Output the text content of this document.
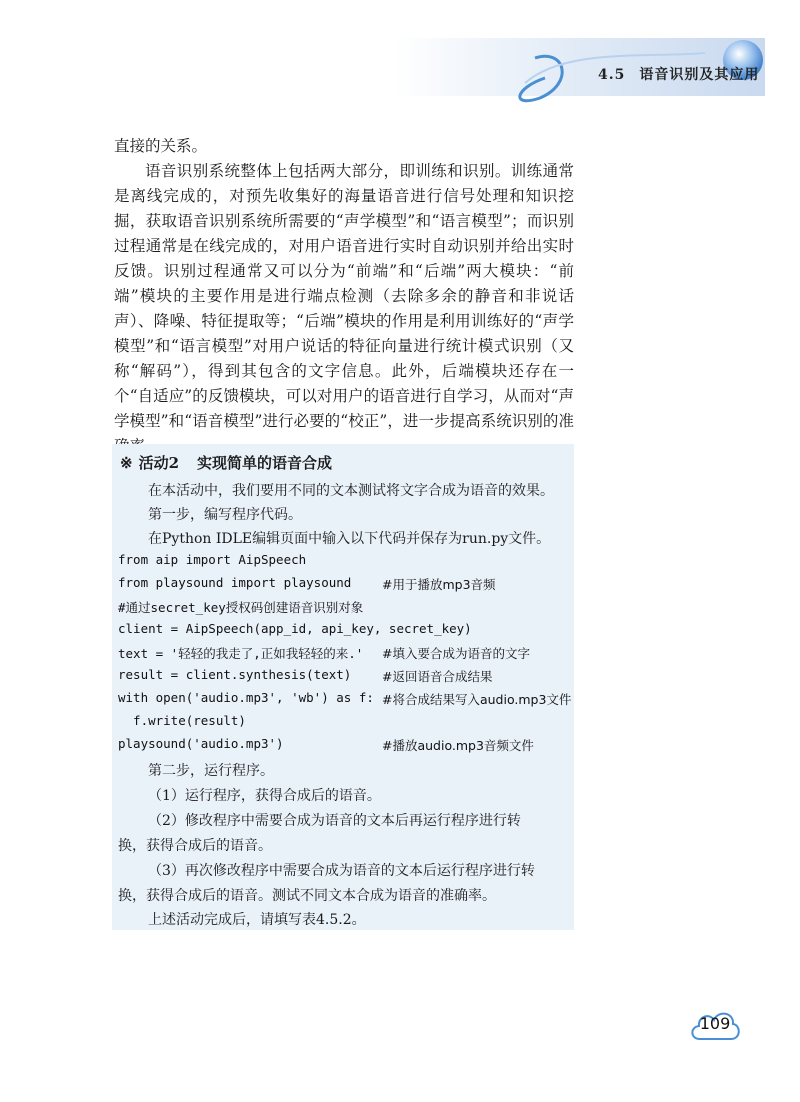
4.5 语音识别及其应用

直接的关系。

语音识别系统整体上包括两大部分，即训练和识别。训练通常是离线完成的，对预先收集好的海量语音进行信号处理和知识挖掘，获取语音识别系统所需要的“声学模型”和“语言模型”；而识别过程通常是在线完成的，对用户语音进行实时自动识别并给出实时反馈。识别过程通常又可以分为“前端”和“后端”两大模块：“前端”模块的主要作用是进行端点检测（去除多余的静音和非说话声）、降噪、特征提取等；“后端”模块的作用是利用训练好的“声学模型”和“语言模型”对用户说话的特征向量进行统计模式识别（又称“解码”），得到其包含的文字信息。此外，后端模块还存在一个“自适应”的反馈模块，可以对用户的语音进行自学习，从而对“声学模型”和“语音模型”进行必要的“校正”，进一步提高系统识别的准

※ 活动2 实现简单的语音合成
在本活动中，我们要用不同的文本测试将文字合成为语音的效果。
第一步，编写程序代码。
在Python IDLE编辑页面中输入以下代码并保存为run.py文件。
from aip import AipSpeech
from playsound import playsound #用于播放mp3音频
#通过secret_key授权码创建语音识别对象
client = AipSpeech(app_id, api_key, secret_key)
text = '轻轻的我走了,正如我轻轻的来.' #填入要合成为语音的文字
result = client.synthesis(text) #返回语音合成结果
with open('audio.mp3', 'wb') as f: #将合成结果写入audio.mp3文件
f.write(result)
playsound('audio.mp3')	#播放audio.mp3音频文件
第二步，运行程序。
（1）运行程序，获得合成后的语音。
（2）修改程序中需要合成为语音的文本后再运行程序进行转
换，获得合成后的语音。
（3）再次修改程序中需要合成为语音的文本后运行程序进行转
换，获得合成后的语音。测试不同文本合成为语音的准确率。
上述活动完成后，请填写表4.5.2。
109
